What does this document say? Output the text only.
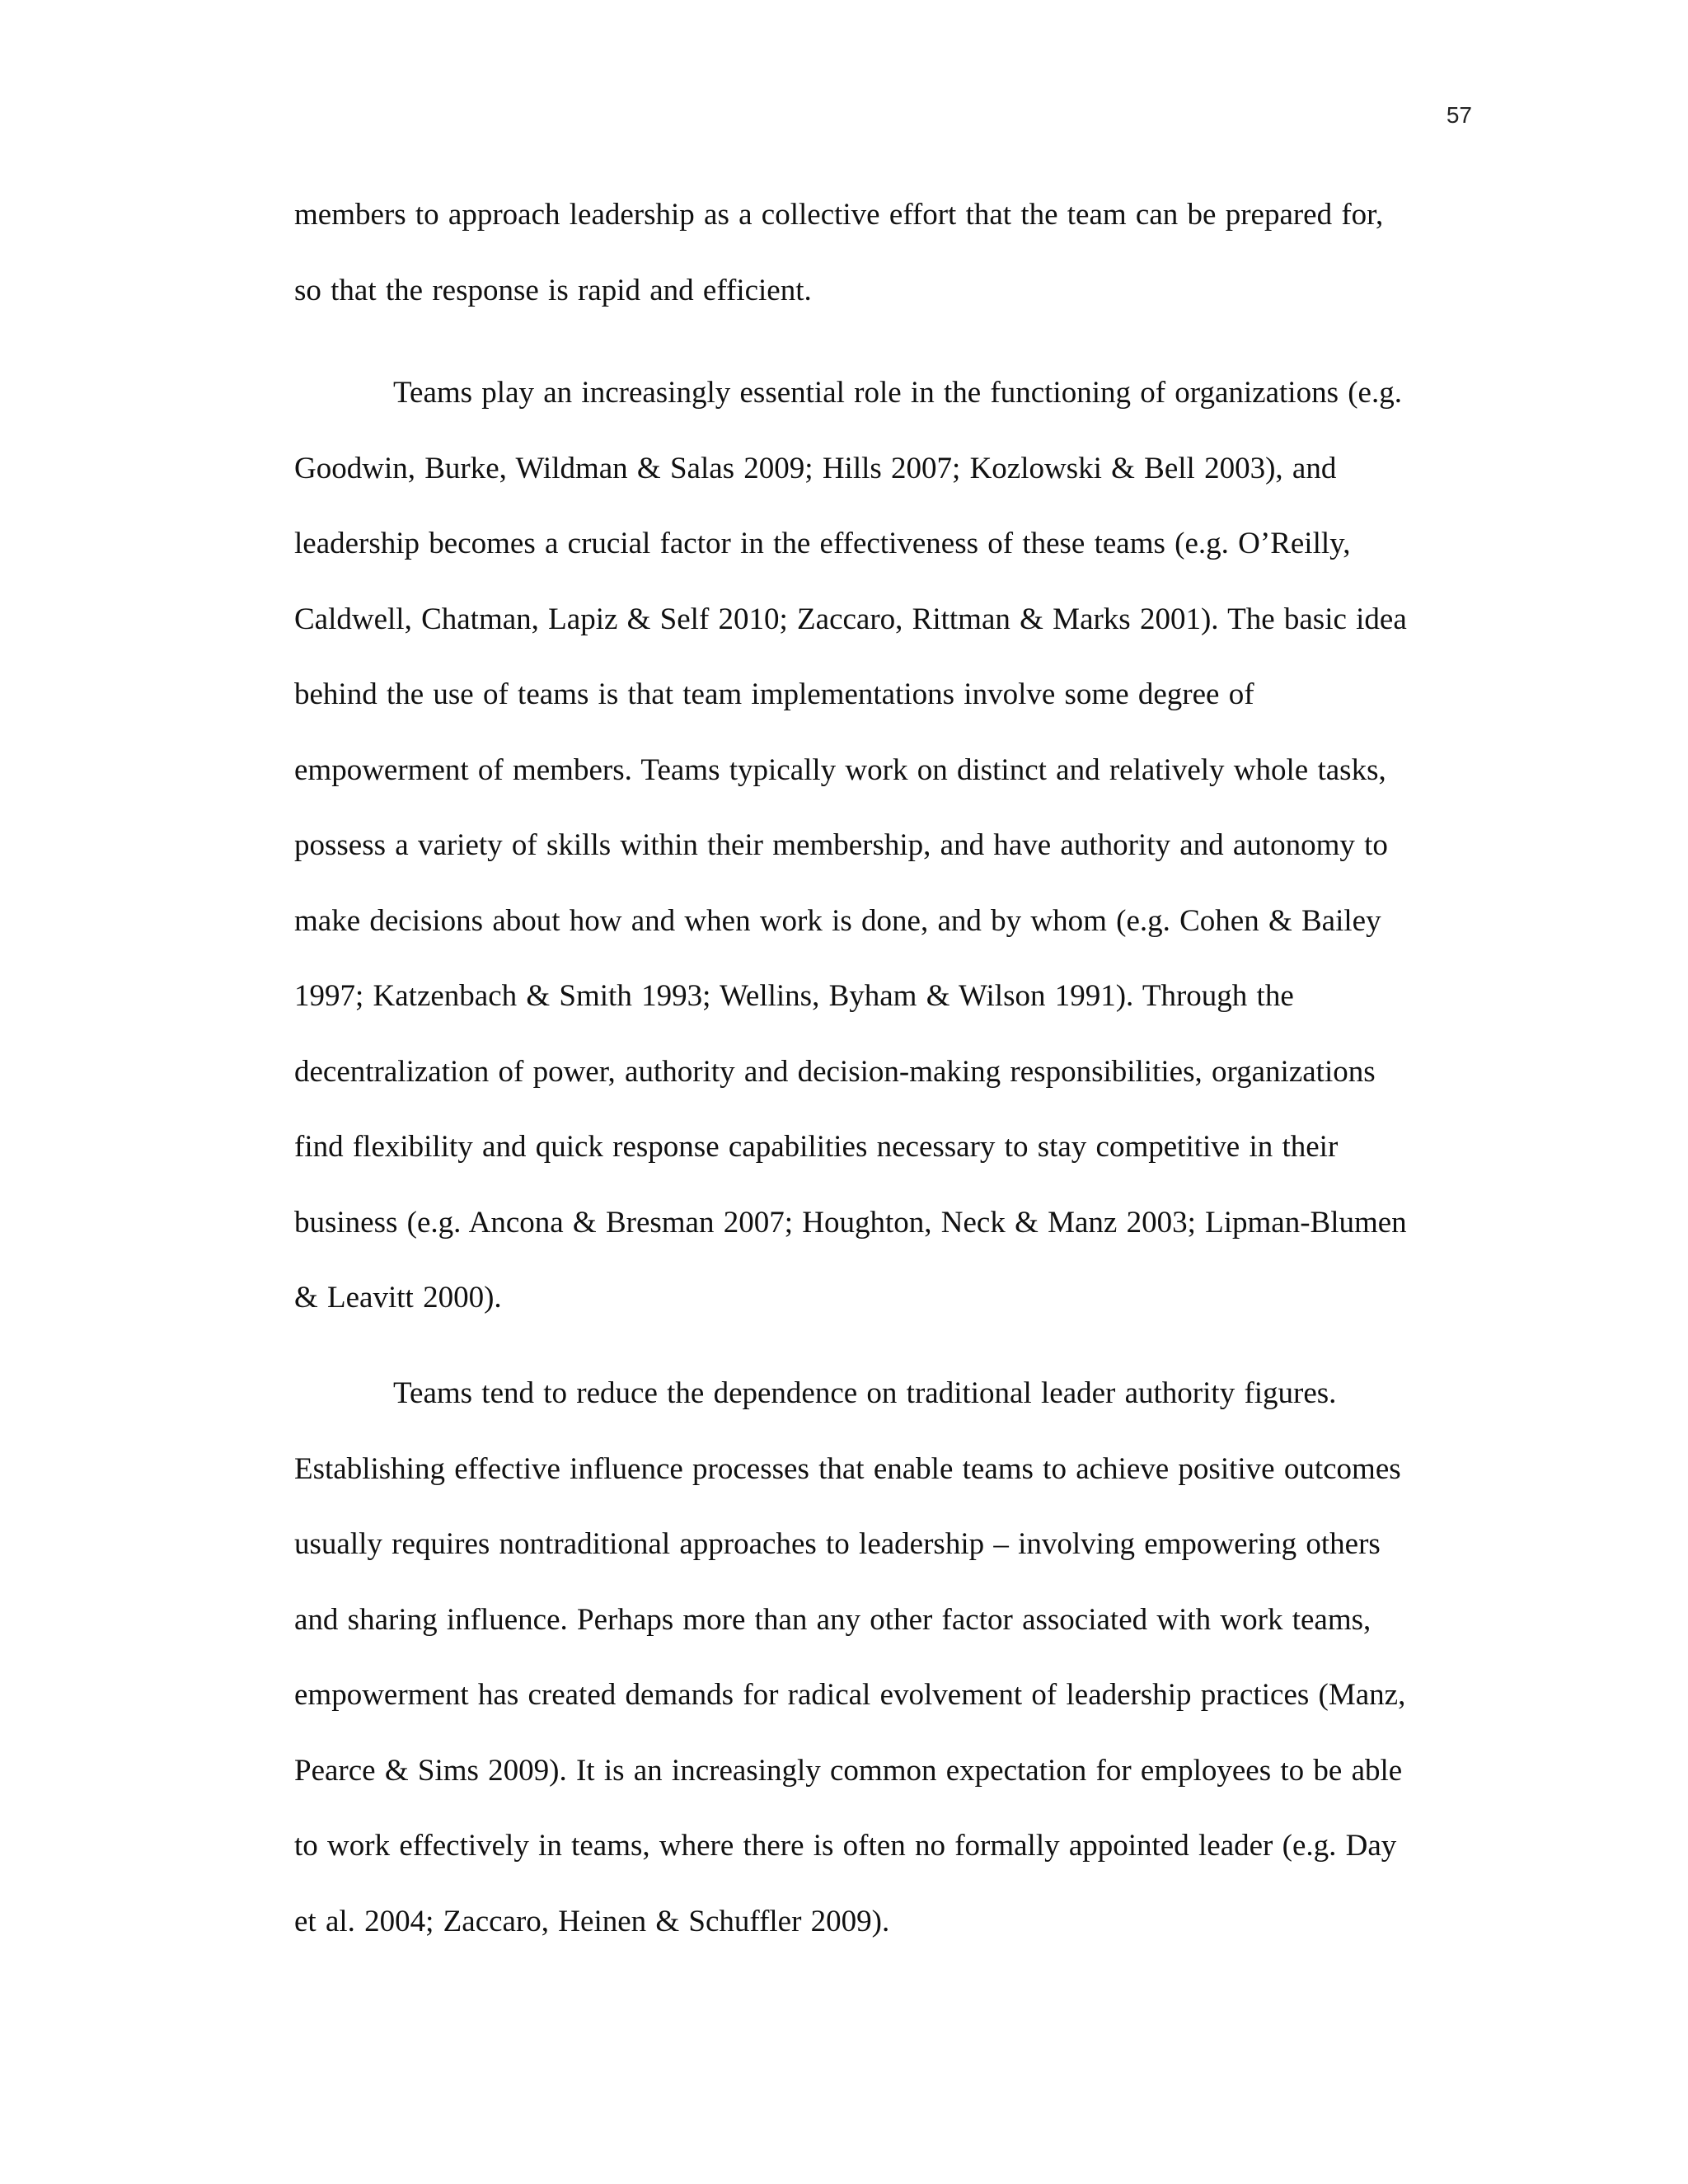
57
members to approach leadership as a collective effort that the team can be prepared for,
so that the response is rapid and efficient.
Teams play an increasingly essential role in the functioning of organizations (e.g.
Goodwin, Burke, Wildman & Salas 2009; Hills 2007; Kozlowski & Bell 2003), and
leadership becomes a crucial factor in the effectiveness of these teams (e.g. O’Reilly,
Caldwell, Chatman, Lapiz & Self 2010; Zaccaro, Rittman & Marks 2001). The basic idea
behind the use of teams is that team implementations involve some degree of
empowerment of members. Teams typically work on distinct and relatively whole tasks,
possess a variety of skills within their membership, and have authority and autonomy to
make decisions about how and when work is done, and by whom (e.g. Cohen & Bailey
1997; Katzenbach & Smith 1993; Wellins, Byham & Wilson 1991). Through the
decentralization of power, authority and decision-making responsibilities, organizations
find flexibility and quick response capabilities necessary to stay competitive in their
business (e.g. Ancona & Bresman 2007; Houghton, Neck & Manz 2003; Lipman-Blumen
& Leavitt 2000).
Teams tend to reduce the dependence on traditional leader authority figures.
Establishing effective influence processes that enable teams to achieve positive outcomes
usually requires nontraditional approaches to leadership – involving empowering others
and sharing influence. Perhaps more than any other factor associated with work teams,
empowerment has created demands for radical evolvement of leadership practices (Manz,
Pearce & Sims 2009). It is an increasingly common expectation for employees to be able
to work effectively in teams, where there is often no formally appointed leader (e.g. Day
et al. 2004; Zaccaro, Heinen & Schuffler 2009).
